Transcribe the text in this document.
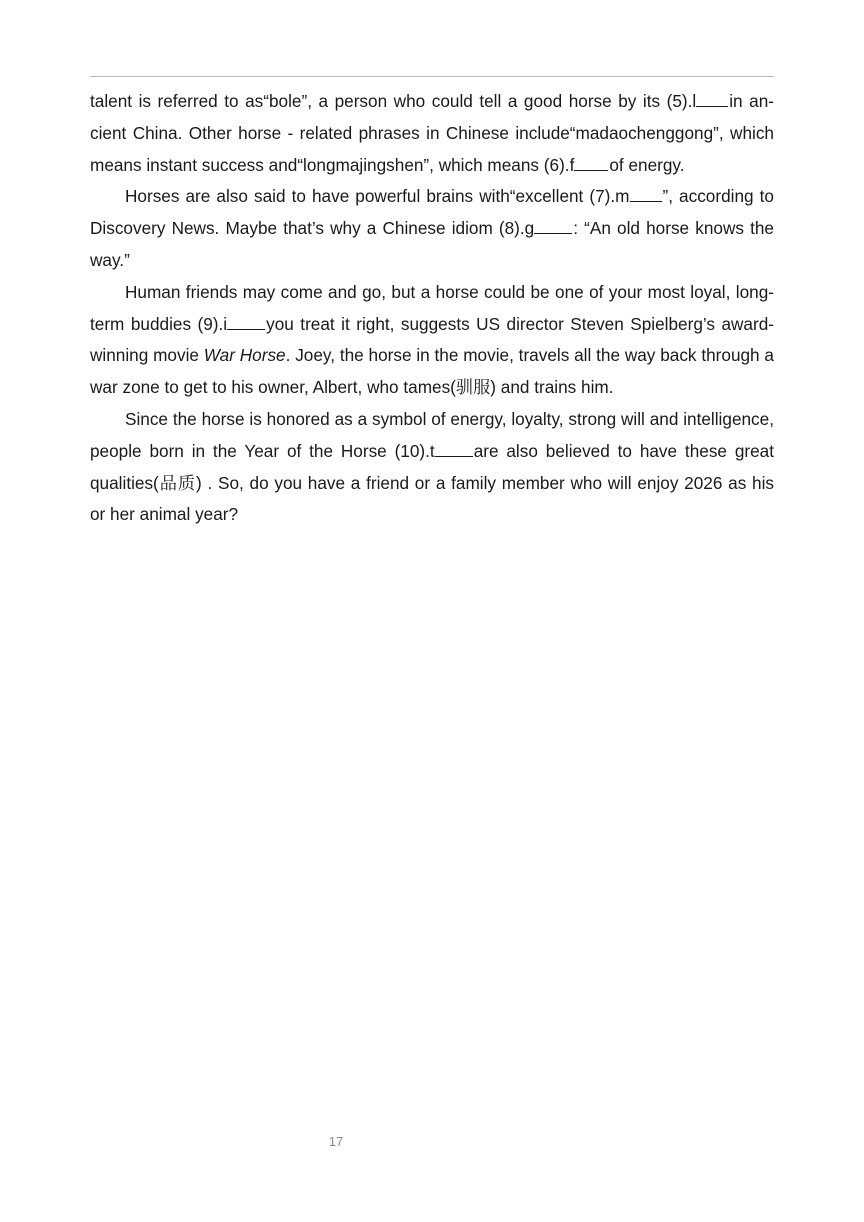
talent is referred to as“bole”, a person who could tell a good horse by its (5).l in ancient China. Other horse - related phrases in Chinese include“madaochenggong”, which means instant success and“longmajingshen”, which means (6).f of energy.

Horses are also said to have powerful brains with“excellent (7).m ”, according to Discovery News. Maybe that’s why a Chinese idiom (8).g : “An old horse knows the way.”

Human friends may come and go, but a horse could be one of your most loyal, long-term buddies (9).i you treat it right, suggests US director Steven Spielberg’s award-winning movie War Horse. Joey, the horse in the movie, travels all the way back through a war zone to get to his owner, Albert, who tames(驯服) and trains him.

Since the horse is honored as a symbol of energy, loyalty, strong will and intelligence, people born in the Year of the Horse (10).t are also believed to have these great qualities(品质) . So, do you have a friend or a family member who will enjoy 2026 as his or her animal year?

17
